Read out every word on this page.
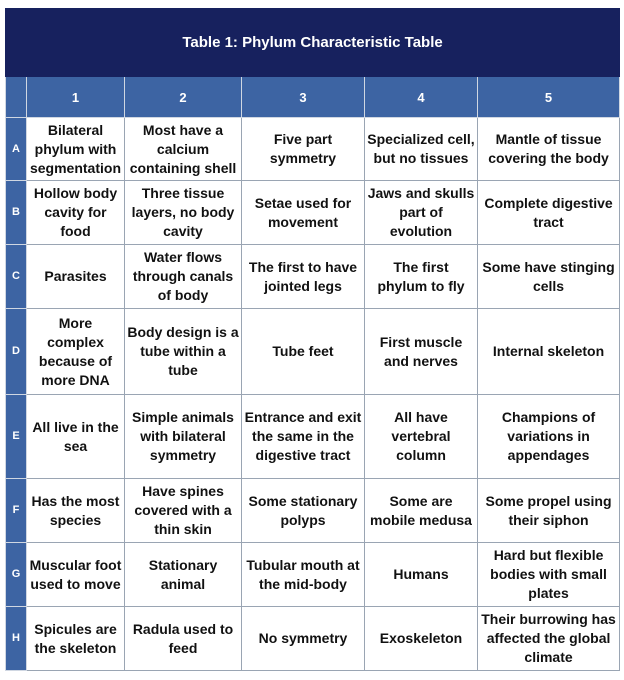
Table 1: Phylum Characteristic Table					
	1	2	3	4	5
A	Bilateral phylum with segmentation	Most have a calcium containing shell	Five part symmetry	Specialized cell, but no tissues	Mantle of tissue covering the body
B	Hollow body cavity for food	Three tissue layers, no body cavity	Setae used for movement	Jaws and skulls part of evolution	Complete digestive tract
C	Parasites	Water flows through canals of body	The first to have jointed legs	The first phylum to fly	Some have stinging cells
D	More complex because of more DNA	Body design is a tube within a tube	Tube feet	First muscle and nerves	Internal skeleton
E	All live in the sea	Simple animals with bilateral symmetry	Entrance and exit the same in the digestive tract	All have vertebral column	Champions of variations in appendages
F	Has the most species	Have spines covered with a thin skin	Some stationary polyps	Some are mobile medusa	Some propel using their siphon
G	Muscular foot used to move	Stationary animal	Tubular mouth at the mid-body	Humans	Hard but flexible bodies with small plates
H	Spicules are the skeleton	Radula used to feed	No symmetry	Exoskeleton	Their burrowing has affected the global climate
